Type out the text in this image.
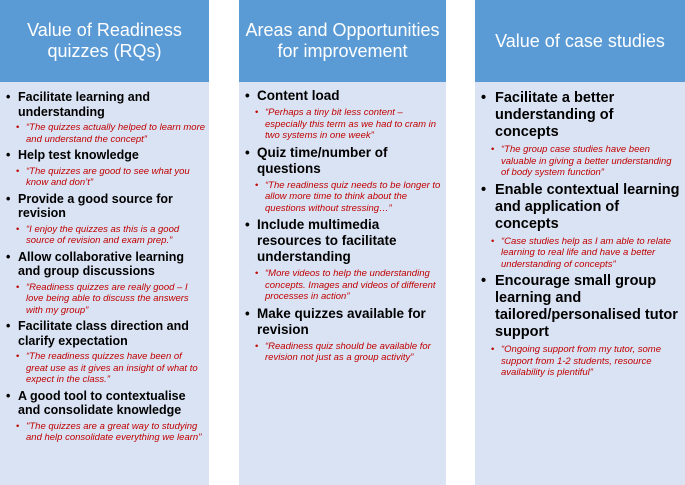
Value of Readiness quizzes (RQs)
• Facilitate learning and understanding
• “The quizzes actually helped to learn more and understand the concept”
• Help test knowledge
• “The quizzes are good to see what you know and don’t”
• Provide a good source for revision
• “I enjoy the quizzes as this is a good source of revision and exam prep.”
• Allow collaborative learning and group discussions
• “Readiness quizzes are really good – I love being able to discuss the answers with my group”
• Facilitate class direction and clarify expectation
• “The readiness quizzes have been of great use as it gives an insight of what to expect in the class.”
• A good tool to contextualise and consolidate knowledge
• "The quizzes are a great way to studying and help consolidate everything we learn"
Areas and Opportunities for improvement
• Content load
• “Perhaps a tiny bit less content – especially this term as we had to cram in two systems in one week”
• Quiz time/number of questions
• “The readiness quiz needs to be longer to allow more time to think about the questions without stressing…”
• Include multimedia resources to facilitate understanding
• “More videos to help the understanding concepts. Images and videos of different processes in action”
• Make quizzes available for revision
• “Readiness quiz should be available for revision not just as a group activity”
Value of case studies
• Facilitate a better understanding of concepts
• “The group case studies have been valuable in giving a better understanding of body system function”
• Enable contextual learning and application of concepts
• “Case studies help as I am able to relate learning to real life and have a better understanding of concepts”
• Encourage small group learning and tailored/personalised tutor support
• “Ongoing support from my tutor, some support from 1-2 students, resource availability is plentiful”
